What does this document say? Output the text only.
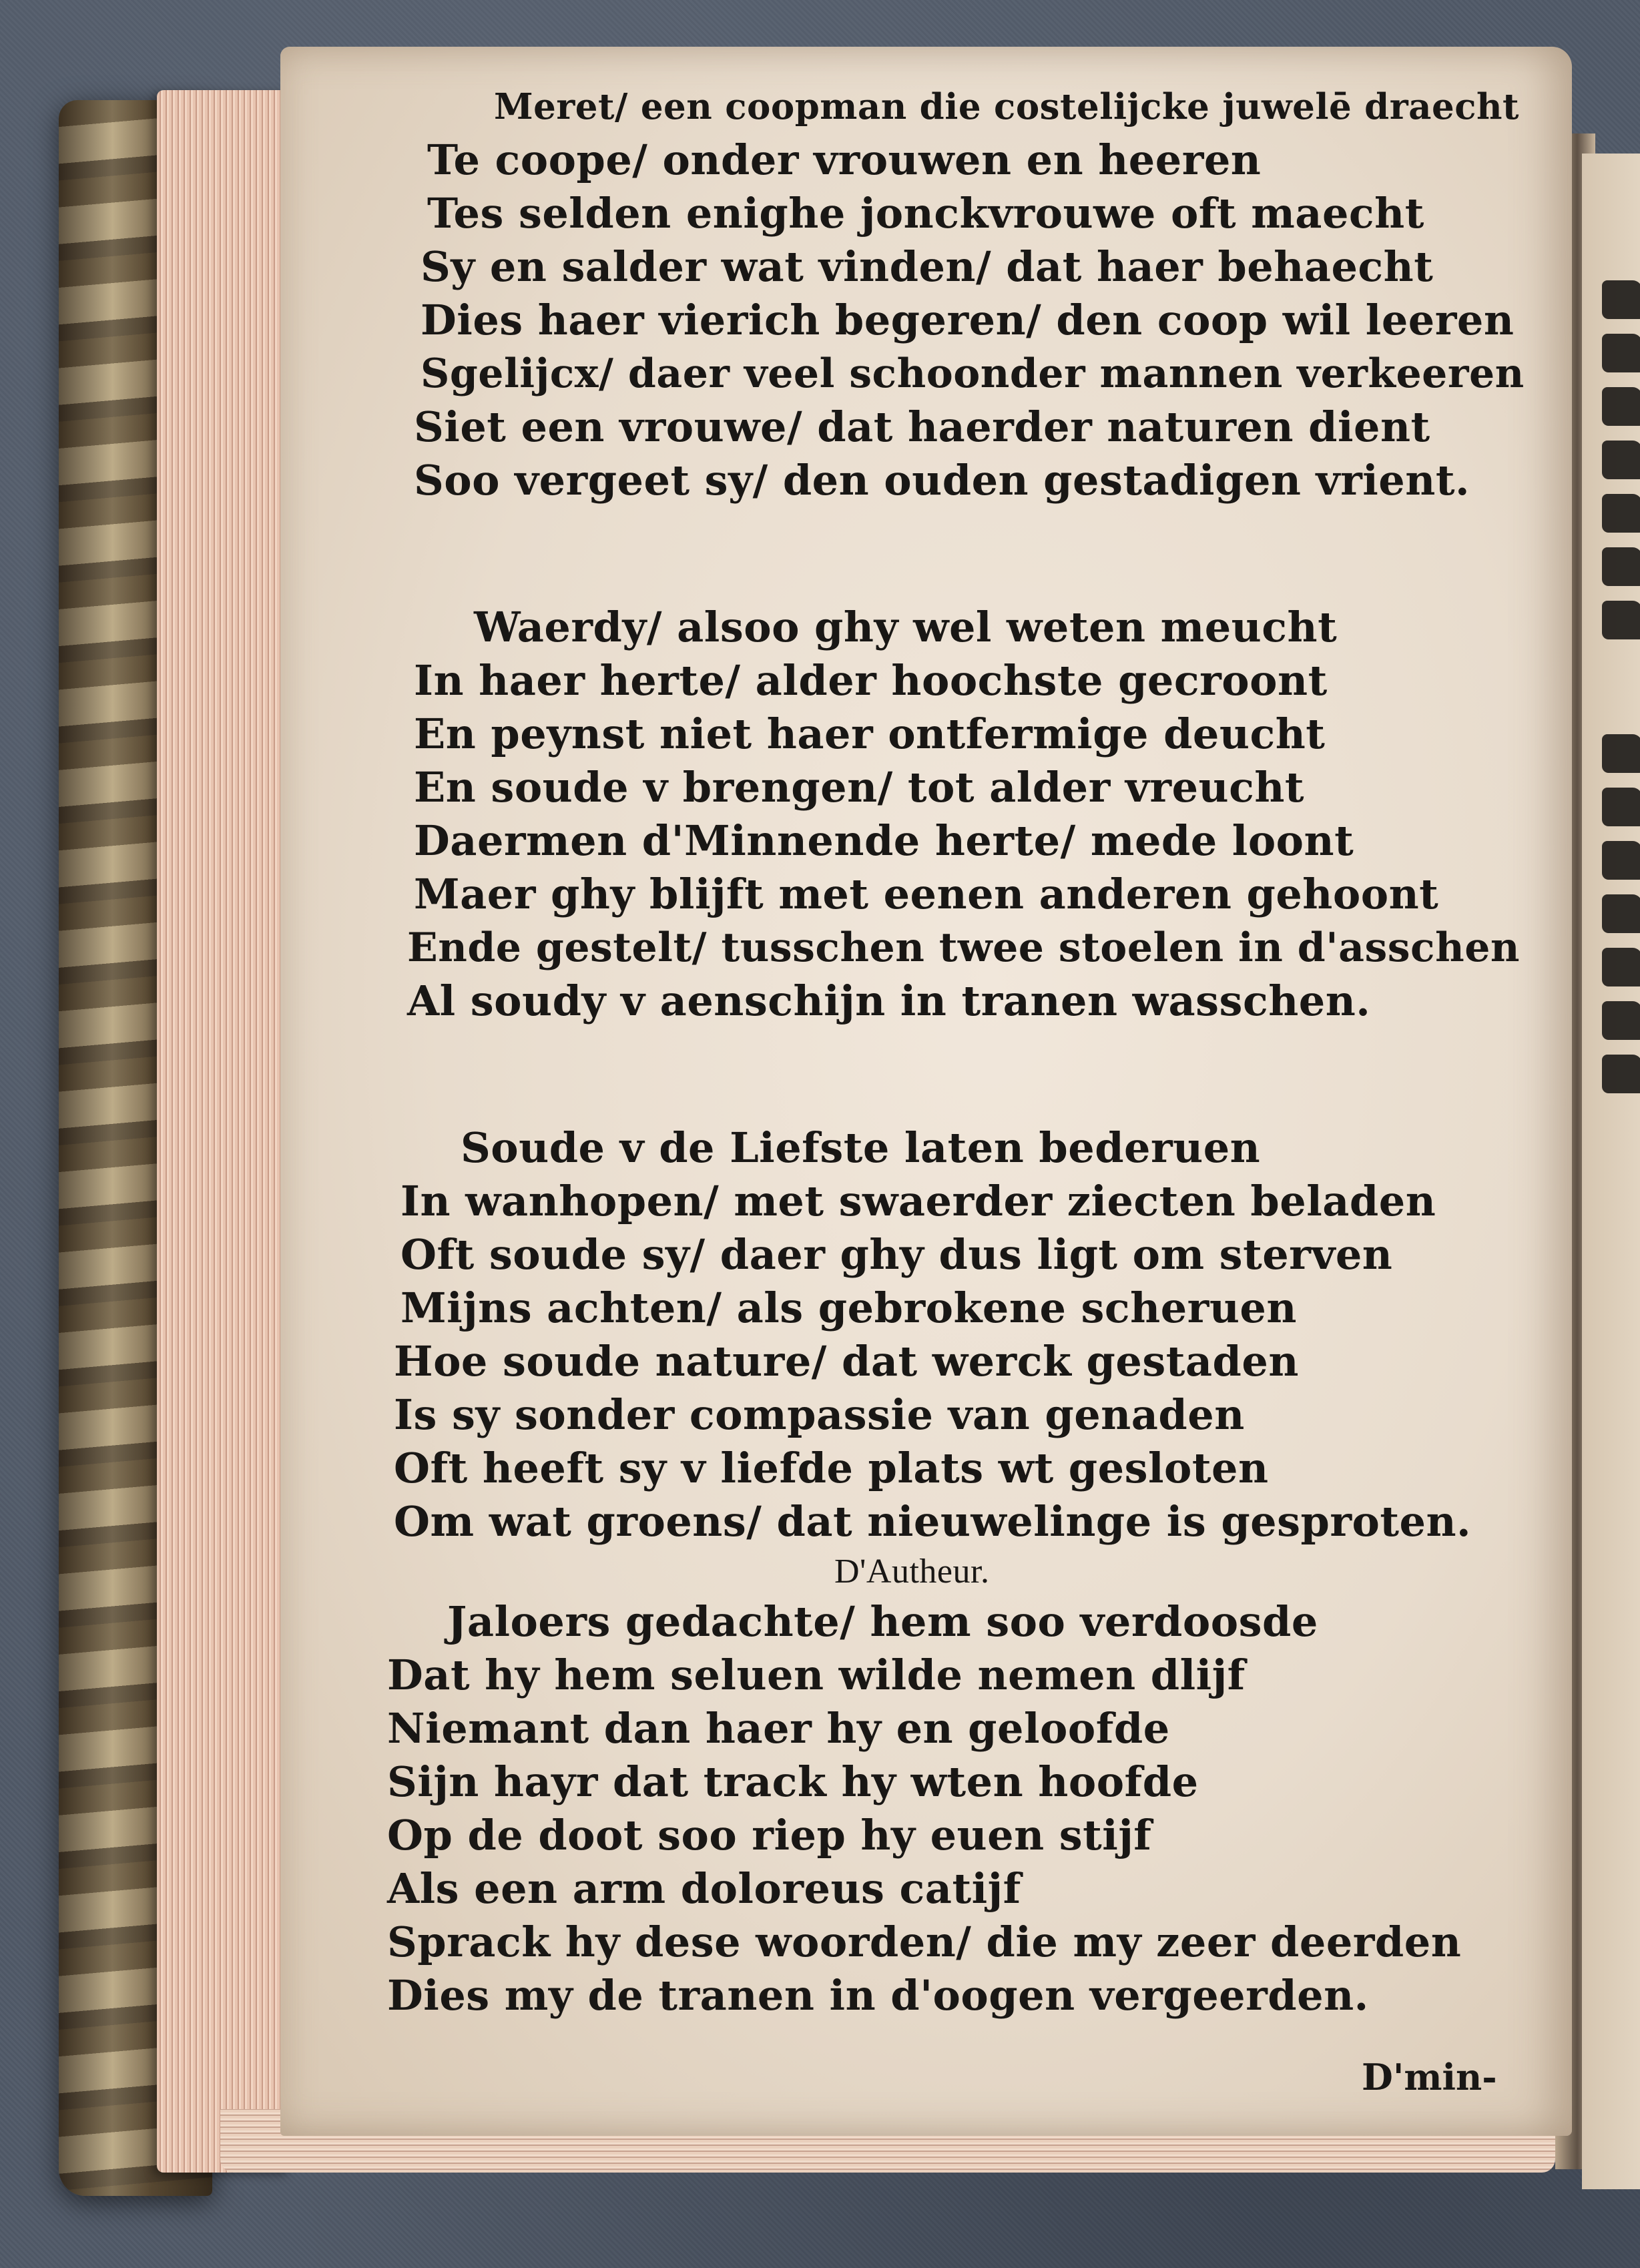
Meret/ een coopman die costelijcke juwelē draecht
Te coope/ onder vrouwen en heeren
Tes selden enighe jonckvrouwe oft maecht
Sy en salder wat vinden/ dat haer behaecht
Dies haer vierich begeren/ den coop wil leeren
Sgelijcx/ daer veel schoonder mannen verkeeren
Siet een vrouwe/ dat haerder naturen dient
Soo vergeet sy/ den ouden gestadigen vrient.
Waerdy/ alsoo ghy wel weten meucht
In haer herte/ alder hoochste gecroont
En peynst niet haer ontfermige deucht
En soude v brengen/ tot alder vreucht
Daermen d'Minnende herte/ mede loont
Maer ghy blijft met eenen anderen gehoont
Ende gestelt/ tusschen twee stoelen in d'asschen
Al soudy v aenschijn in tranen wasschen.
Soude v de Liefste laten bederuen
In wanhopen/ met swaerder ziecten beladen
Oft soude sy/ daer ghy dus ligt om sterven
Mijns achten/ als gebrokene scheruen
Hoe soude nature/ dat werck gestaden
Is sy sonder compassie van genaden
Oft heeft sy v liefde plats wt gesloten
Om wat groens/ dat nieuwelinge is gesproten.
D'Autheur.
Jaloers gedachte/ hem soo verdoosde
Dat hy hem seluen wilde nemen dlijf
Niemant dan haer hy en geloofde
Sijn hayr dat track hy wten hoofde
Op de doot soo riep hy euen stijf
Als een arm dolorеus catijf
Sprack hy dese woorden/ die my zeer deerden
Dies my de tranen in d'oogen vergeerden.
D'min-
